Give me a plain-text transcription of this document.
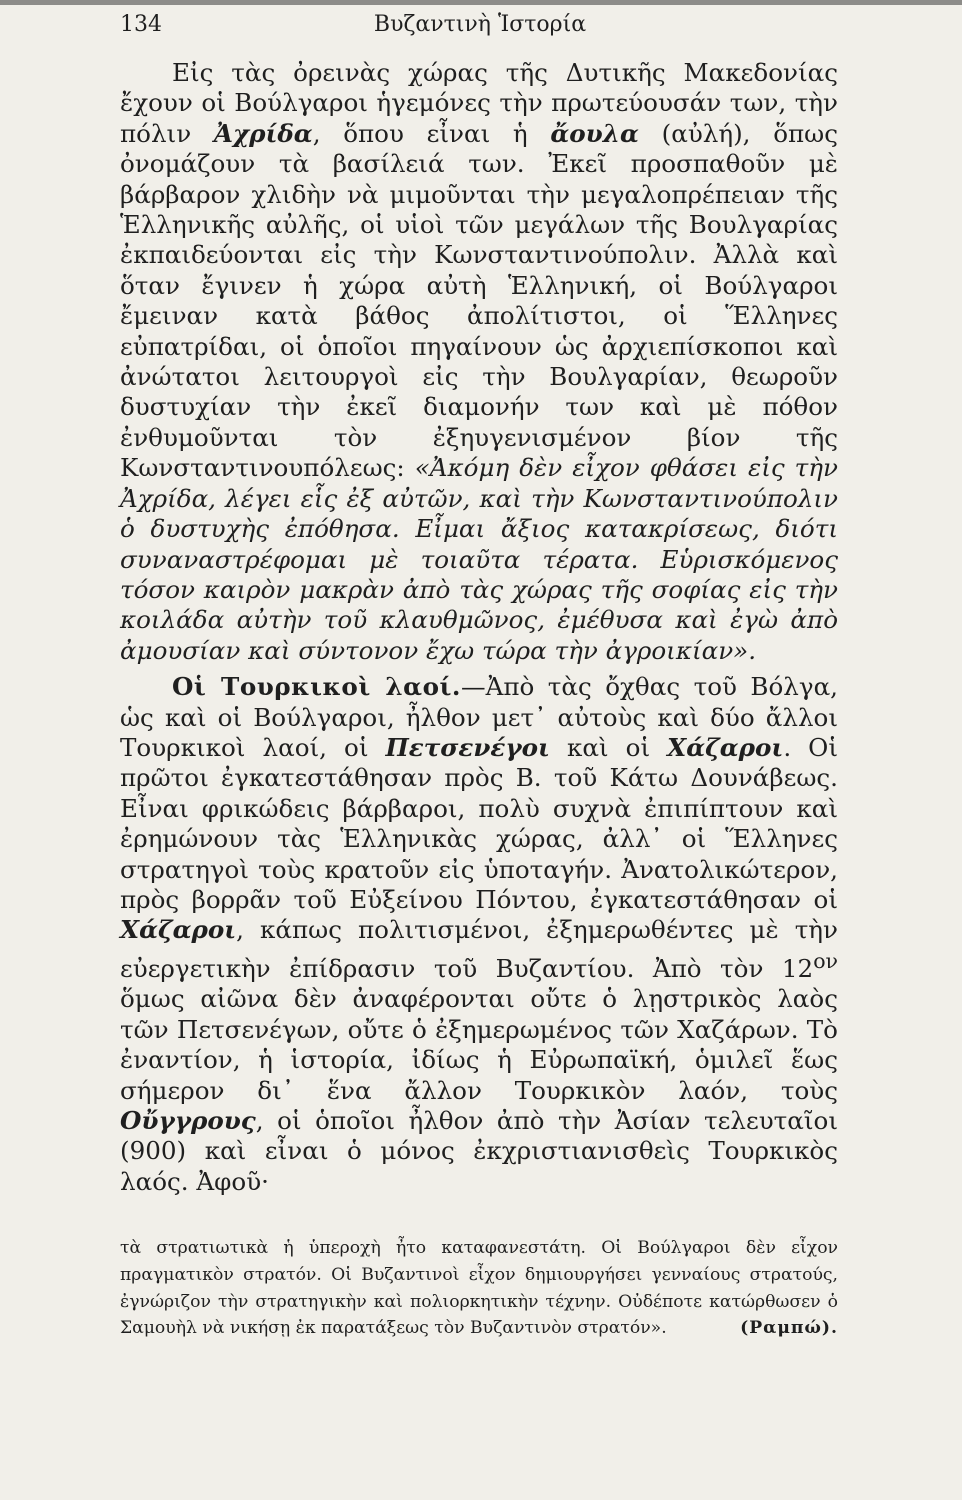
134	Βυζαντινὴ Ἱστορία

Εἰς τὰς ὀρεινὰς χώρας τῆς Δυτικῆς Μακεδονίας ἔχουν οἱ Βούλγαροι ἡγεμόνες τὴν πρωτεύουσάν των, τὴν πόλιν Ἀχρίδα, ὅπου εἶναι ἡ ἄουλα (αὐλή), ὅπως ὀνομάζουν τὰ βασίλειά των. Ἐκεῖ προσπαθοῦν μὲ βάρβαρον χλιδὴν νὰ μιμοῦνται τὴν μεγαλοπρέπειαν τῆς Ἑλληνικῆς αὐλῆς, οἱ υἱοὶ τῶν μεγάλων τῆς Βουλγαρίας ἐκπαιδεύονται εἰς τὴν Κωνσταντινούπολιν. Ἀλλὰ καὶ ὅταν ἔγινεν ἡ χώρα αὐτὴ Ἑλληνική, οἱ Βούλγαροι ἔμειναν κατὰ βάθος ἀπολίτιστοι, οἱ Ἕλληνες εὐπατρίδαι, οἱ ὁποῖοι πηγαίνουν ὡς ἀρχιεπίσκοποι καὶ ἀνώτατοι λειτουργοὶ εἰς τὴν Βουλγαρίαν, θεωροῦν δυστυχίαν τὴν ἐκεῖ διαμονήν των καὶ μὲ πόθον ἐνθυμοῦνται τὸν ἐξηυγενισμένον βίον τῆς Κωνσταντινουπόλεως: «Ἀκόμη δὲν εἶχον φθάσει εἰς τὴν Ἀχρίδα, λέγει εἷς ἐξ αὐτῶν, καὶ τὴν Κωνσταντινούπολιν ὁ δυστυχὴς ἐπόθησα. Εἶμαι ἄξιος κατακρίσεως, διότι συναναστρέφομαι μὲ τοιαῦτα τέρατα. Εὑρισκόμενος τόσον καιρὸν μακρὰν ἀπὸ τὰς χώρας τῆς σοφίας εἰς τὴν κοιλάδα αὐτὴν τοῦ κλαυθμῶνος, ἐμέθυσα καὶ ἐγὼ ἀπὸ ἀμουσίαν καὶ σύντονον ἔχω τώρα τὴν ἀγροικίαν».

Οἱ Τουρκικοὶ λαοί.—Ἀπὸ τὰς ὄχθας τοῦ Βόλγα, ὡς καὶ οἱ Βούλγαροι, ἦλθον μετ᾽ αὐτοὺς καὶ δύο ἄλλοι Τουρκικοὶ λαοί, οἱ Πετσενέγοι καὶ οἱ Χάζαροι. Οἱ πρῶτοι ἐγκατεστάθησαν πρὸς Β. τοῦ Κάτω Δουνάβεως. Εἶναι φρικώδεις βάρβαροι, πολὺ συχνὰ ἐπιπίπτουν καὶ ἐρημώνουν τὰς Ἑλληνικὰς χώρας, ἀλλ᾽ οἱ Ἕλληνες στρατηγοὶ τοὺς κρατοῦν εἰς ὑποταγήν. Ἀνατολικώτερον, πρὸς βορρᾶν τοῦ Εὐξείνου Πόντου, ἐγκατεστάθησαν οἱ Χάζαροι, κάπως πολιτισμένοι, ἐξημερωθέντες μὲ τὴν εὐεργετικὴν ἐπίδρασιν τοῦ Βυζαντίου. Ἀπὸ τὸν $12^{o\nu}$ ὅμως αἰῶνα δὲν ἀναφέρονται οὔτε ὁ λῃστρικὸς λαὸς τῶν Πετσενέγων, οὔτε ὁ ἐξημερωμένος τῶν Χαζάρων. Τὸ ἐναντίον, ἡ ἱστορία, ἰδίως ἡ Εὐρωπαϊκή, ὁμιλεῖ ἕως σήμερον δι᾽ ἕνα ἄλλον Τουρκικὸν λαόν, τοὺς Οὔγγρους, οἱ ὁποῖοι ἦλθον ἀπὸ τὴν Ἀσίαν τελευταῖοι (900) καὶ εἶναι ὁ μόνος ἐκχριστιανισθεὶς Τουρκικὸς λαός. Ἀφοῦ·

τὰ στρατιωτικὰ ἡ ὑπεροχὴ ἦτο καταφανεστάτη. Οἱ Βούλγαροι δὲν εἶχον πραγματικὸν στρατόν. Οἱ Βυζαντινοὶ εἶχον δημιουργήσει γενναίους στρατούς, ἐγνώριζον τὴν στρατηγικὴν καὶ πολιορκητικὴν τέχνην. Οὐδέποτε κατώρθωσεν ὁ Σαμουὴλ νὰ νικήσῃ ἐκ παρατάξεως τὸν Βυζαντινὸν στρατόν».	(Ραμπώ).
